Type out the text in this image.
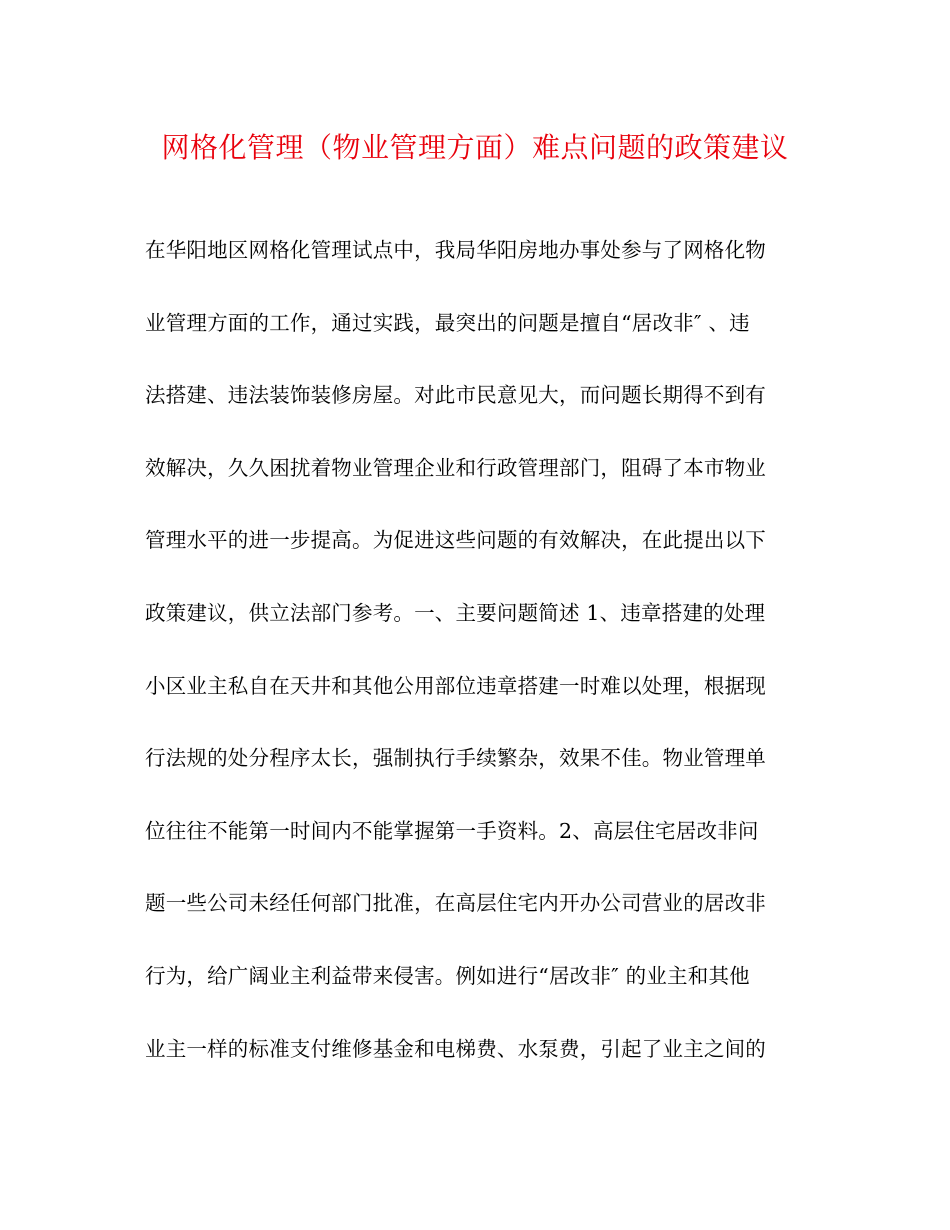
网格化管理（物业管理方面）难点问题的政策建议
在华阳地区网格化管理试点中，我局华阳房地办事处参与了网格化物
业管理方面的工作，通过实践，最突出的问题是擅自“居改非″ 、违
法搭建、违法装饰装修房屋。对此市民意见大，而问题长期得不到有
效解决，久久困扰着物业管理企业和行政管理部门，阻碍了本市物业
管理水平的进一步提高。为促进这些问题的有效解决，在此提出以下
政策建议，供立法部门参考。一、主要问题简述 1、违章搭建的处理
小区业主私自在天井和其他公用部位违章搭建一时难以处理，根据现
行法规的处分程序太长，强制执行手续繁杂，效果不佳。物业管理单
位往往不能第一时间内不能掌握第一手资料。2、高层住宅居改非问
题一些公司未经任何部门批准，在高层住宅内开办公司营业的居改非
行为，给广阔业主利益带来侵害。例如进行“居改非″ 的业主和其他
业主一样的标准支付维修基金和电梯费、水泵费，引起了业主之间的
